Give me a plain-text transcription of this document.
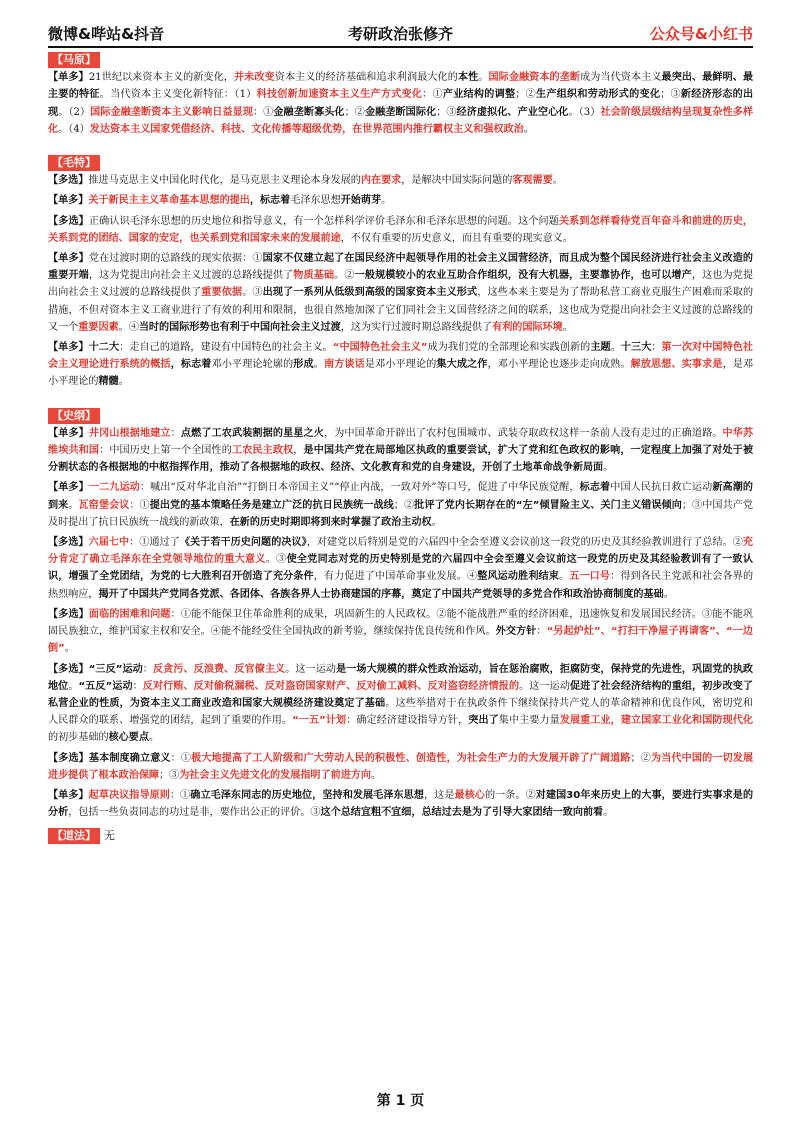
微博&哔站&抖音	考研政治张修齐	公众号&小红书
【马原】

【单多】21世纪以来资本主义的新变化，并未改变资本主义的经济基础和追求利润最大化的本性。国际金融资本的垄断成为当代资本主义最突出、最鲜明、最主要的特征。当代资本主义变化新特征：（1）科技创新加速资本主义生产方式变化：①产业结构的调整；②生产组织和劳动形式的变化；③新经济形态的出现。（2）国际金融垄断资本主义影响日益显现：①金融垄断寡头化；②金融垄断国际化；③经济虚拟化、产业空心化。（3）社会阶级层级结构呈现复杂性多样化。（4）发达资本主义国家凭借经济、科技、文化传播等超级优势，在世界范围内推行霸权主义和强权政治。

【毛特】

【多选】推进马克思主义中国化时代化，是马克思主义理论本身发展的内在要求，是解决中国实际问题的客观需要。

【单多】关于新民主主义革命基本思想的提出，标志着毛泽东思想开始萌芽。

【多选】正确认识毛泽东思想的历史地位和指导意义，有一个怎样科学评价毛泽东和毛泽东思想的问题。这个问题关系到怎样看待党百年奋斗和前进的历史，关系到党的团结、国家的安定，也关系到党和国家未来的发展前途，不仅有重要的历史意义，而且有重要的现实意义。

【单多】党在过渡时期的总路线的现实依据：①国家不仅建立起了在国民经济中起领导作用的社会主义国营经济，而且成为整个国民经济进行社会主义改造的重要开端，这为党提出向社会主义过渡的总路线提供了物质基础。②一般规模较小的农业互助合作组织，没有大机器，主要靠协作，也可以增产，这也为党提出向社会主义过渡的总路线提供了重要依据。③出现了一系列从低级到高级的国家资本主义形式，这些本来主要是为了帮助私营工商业克服生产困难而采取的措施，不但对资本主义工商业进行了有效的利用和限制，也很自然地加深了它们同社会主义国营经济之间的联系，这也成为党提出向社会主义过渡的总路线的又一个重要因素。④当时的国际形势也有利于中国向社会主义过渡，这为实行过渡时期总路线提供了有利的国际环境。

【单多】十二大：走自己的道路，建设有中国特色的社会主义。“中国特色社会主义”成为我们党的全部理论和实践创新的主题。十三大：第一次对中国特色社会主义理论进行系统的概括，标志着邓小平理论轮廓的形成。南方谈话是邓小平理论的集大成之作，邓小平理论也逐步走向成熟。解放思想、实事求是，是邓小平理论的精髓。

【史纲】

【单多】井冈山根据地建立：点燃了工农武装割据的星星之火，为中国革命开辟出了农村包围城市、武装夺取政权这样一条前人没有走过的正确道路。中华苏维埃共和国：中国历史上第一个全国性的工农民主政权，是中国共产党在局部地区执政的重要尝试，扩大了党和红色政权的影响，一定程度上加强了对处于被分割状态的各根据地的中枢指挥作用，推动了各根据地的政权、经济、文化教育和党的自身建设，开创了土地革命战争新局面。

【单多】一二九运动：喊出“反对华北自治”“打倒日本帝国主义”“停止内战，一致对外”等口号，促进了中华民族觉醒，标志着中国人民抗日救亡运动新高潮的到来。瓦窑堡会议：①提出党的基本策略任务是建立广泛的抗日民族统一战线；②批评了党内长期存在的“左”倾冒险主义、关门主义错误倾向；③中国共产党及时提出了抗日民族统一战线的新政策，在新的历史时期即将到来时掌握了政治主动权。

【多选】六届七中：①通过了《关于若干历史问题的决议》，对建党以后特别是党的六届四中全会至遵义会议前这一段党的历史及其经验教训进行了总结。②充分肯定了确立毛泽东在全党领导地位的重大意义。③使全党同志对党的历史特别是党的六届四中全会至遵义会议前这一段党的历史及其经验教训有了一致认识，增强了全党团结，为党的七大胜利召开创造了充分条件，有力促进了中国革命事业发展。④整风运动胜利结束。五一口号：得到各民主党派和社会各界的热烈响应，揭开了中国共产党同各党派、各团体、各族各界人士协商建国的序幕，奠定了中国共产党领导的多党合作和政治协商制度的基础。

【多选】面临的困难和问题：①能不能保卫住革命胜利的成果，巩固新生的人民政权。②能不能战胜严重的经济困难，迅速恢复和发展国民经济。③能不能巩固民族独立，维护国家主权和安全。④能不能经受住全国执政的新考验，继续保持优良传统和作风。外交方针：“另起炉灶”、“打扫干净屋子再请客”、“一边倒”。

【多选】“三反”运动：反贪污、反浪费、反官僚主义。这一运动是一场大规模的群众性政治运动，旨在惩治腐败，拒腐防变，保持党的先进性，巩固党的执政地位。“五反”运动：反对行贿、反对偷税漏税、反对盗窃国家财产、反对偷工减料、反对盗窃经济情报的。这一运动促进了社会经济结构的重组，初步改变了私营企业的性质，为资本主义工商业改造和国家大规模经济建设奠定了基础。这些举措对于在执政条件下继续保持共产党人的革命精神和优良作风，密切党和人民群众的联系、增强党的团结，起到了重要的作用。“一五”计划：确定经济建设指导方针，突出了集中主要力量发展重工业，建立国家工业化和国防现代化的初步基础的核心要点。

【多选】基本制度确立意义：①极大地提高了工人阶级和广大劳动人民的积极性、创造性，为社会生产力的大发展开辟了广阔道路；②为当代中国的一切发展进步提供了根本政治保障；③为社会主义先进文化的发展指明了前进方向。

【单多】起草决议指导原则：①确立毛泽东同志的历史地位，坚持和发展毛泽东思想，这是最核心的一条。②对建国30年来历史上的大事，要进行实事求是的分析，包括一些负责同志的功过是非，要作出公正的评价。③这个总结宜粗不宜细，总结过去是为了引导大家团结一致向前看。

【道法】 无
第 1 页
